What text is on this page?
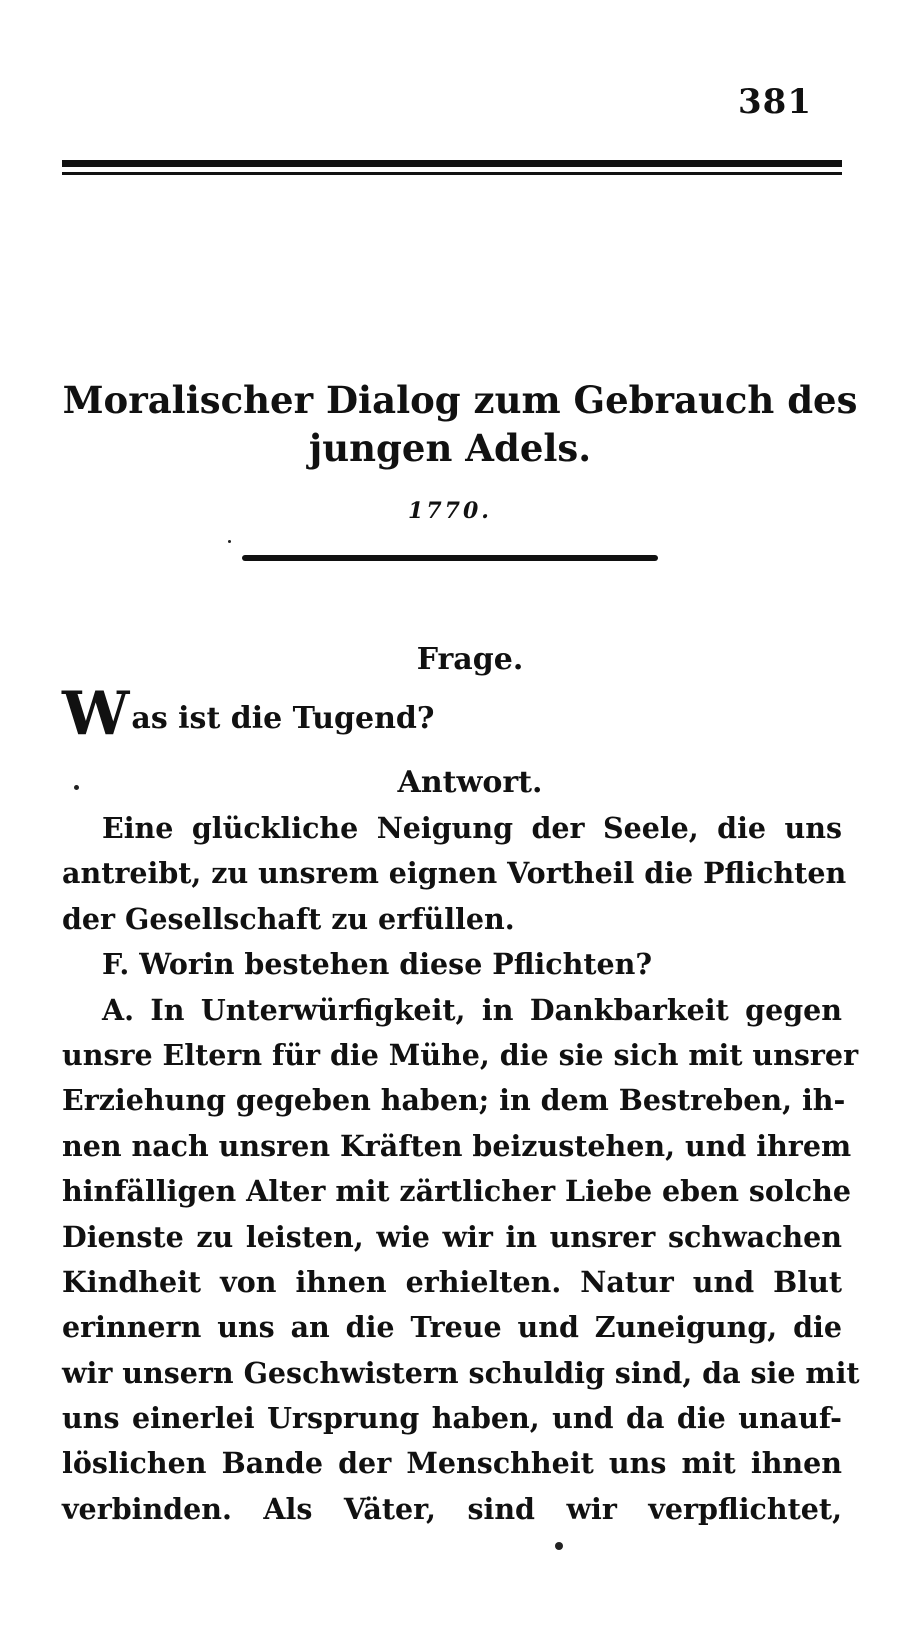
381
Moralischer Dialog zum Gebrauch des
jungen Adels.
1770.
Frage.
Was ist die Tugend?
Antwort.
Eine glückliche Neigung der Seele, die uns
antreibt, zu unsrem eignen Vortheil die Pflichten
der Gesellschaft zu erfüllen.
F. Worin bestehen diese Pflichten?
A. In Unterwürfigkeit, in Dankbarkeit gegen
unsre Eltern für die Mühe, die sie sich mit unsrer
Erziehung gegeben haben; in dem Bestreben, ih-
nen nach unsren Kräften beizustehen, und ihrem
hinfälligen Alter mit zärtlicher Liebe eben solche
Dienste zu leisten, wie wir in unsrer schwachen
Kindheit von ihnen erhielten. Natur und Blut
erinnern uns an die Treue und Zuneigung, die
wir unsern Geschwistern schuldig sind, da sie mit
uns einerlei Ursprung haben, und da die unauf-
löslichen Bande der Menschheit uns mit ihnen
verbinden. Als Väter, sind wir verpflichtet,
